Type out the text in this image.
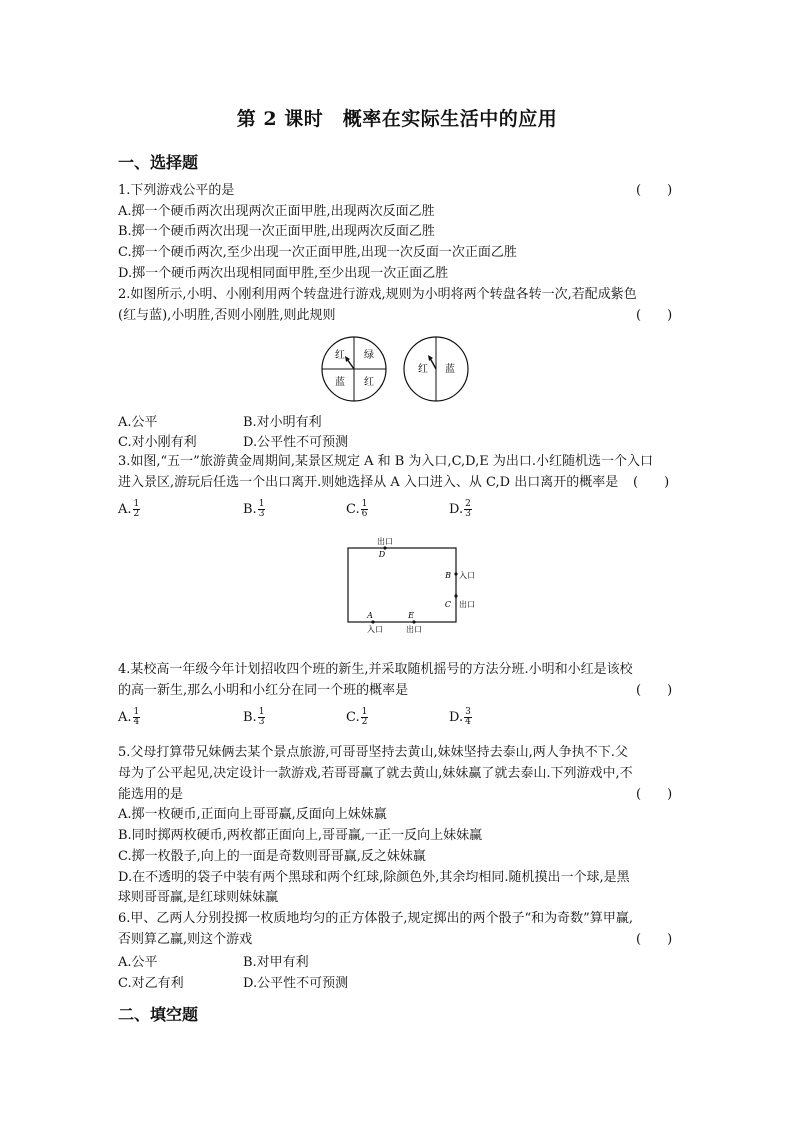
第 2 课时　概率在实际生活中的应用
一、选择题
1.下列游戏公平的是	(　　)
A.掷一个硬币两次出现两次正面甲胜,出现两次反面乙胜
B.掷一个硬币两次出现一次正面甲胜,出现两次反面乙胜
C.掷一个硬币两次,至少出现一次正面甲胜,出现一次反面一次正面乙胜
D.掷一个硬币两次出现相同面甲胜,至少出现一次正面乙胜
2.如图所示,小明、小刚利用两个转盘进行游戏,规则为小明将两个转盘各转一次,若配成紫色
(红与蓝),小明胜,否则小刚胜,则此规则	(　　)
红 绿
蓝 红
红 蓝
A.公平	B.对小明有利
C.对小刚有利	D.公平性不可预测
3.如图,“五一”旅游黄金周期间,某景区规定 A 和 B 为入口,C,D,E 为出口.小红随机选一个入口
进入景区,游玩后任选一个出口离开.则她选择从 A 入口进入、从 C,D 出口离开的概率是 (　　)
A. $\frac{1}{2}$	B. $\frac{1}{3}$	C. $\frac{1}{6}$	D. $\frac{2}{3}$
出口
D
B 入口
C 出口
A
入口
E
出口
4.某校高一年级今年计划招收四个班的新生,并采取随机摇号的方法分班.小明和小红是该校
的高一新生,那么小明和小红分在同一个班的概率是	(　　)
A. $\frac{1}{4}$	B. $\frac{1}{3}$	C. $\frac{1}{2}$	D. $\frac{3}{4}$
5.父母打算带兄妹俩去某个景点旅游,可哥哥坚持去黄山,妹妹坚持去泰山,两人争执不下.父
母为了公平起见,决定设计一款游戏,若哥哥赢了就去黄山,妹妹赢了就去泰山.下列游戏中,不
能选用的是	(　　)
A.掷一枚硬币,正面向上哥哥赢,反面向上妹妹赢
B.同时掷两枚硬币,两枚都正面向上,哥哥赢,一正一反向上妹妹赢
C.掷一枚骰子,向上的一面是奇数则哥哥赢,反之妹妹赢
D.在不透明的袋子中装有两个黑球和两个红球,除颜色外,其余均相同.随机摸出一个球,是黑
球则哥哥赢,是红球则妹妹赢
6.甲、乙两人分别投掷一枚质地均匀的正方体骰子,规定掷出的两个骰子“和为奇数”算甲赢,
否则算乙赢,则这个游戏	(　　)
A.公平	B.对甲有利
C.对乙有利	D.公平性不可预测
二、填空题
